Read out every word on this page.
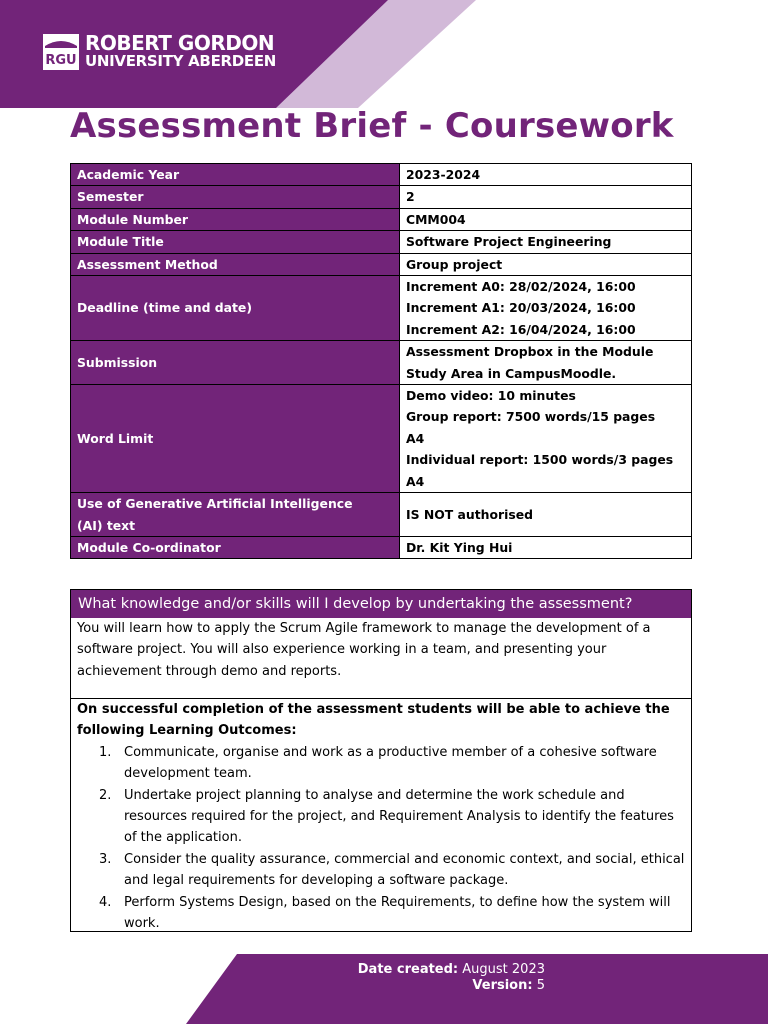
RGU
ROBERT GORDON
UNIVERSITY ABERDEEN
Assessment Brief - Coursework
Academic Year	2023-2024

Semester	2

Module Number	CMM004

Module Title	Software Project Engineering

Assessment Method	Group project

Deadline (time and date)	Increment A0: 28/02/2024, 16:00
Increment A1: 20/03/2024, 16:00
Increment A2: 16/04/2024, 16:00

Submission	Assessment Dropbox in the Module
Study Area in CampusMoodle.

Word Limit	Demo video: 10 minutes
Group report: 7500 words/15 pages
A4
Individual report: 1500 words/3 pages
A4

Use of Generative Artificial Intelligence
(AI) text	IS NOT authorised

Module Co-ordinator	Dr. Kit Ying Hui
What knowledge and/or skills will I develop by undertaking the assessment?
You will learn how to apply the Scrum Agile framework to manage the development of a
software project. You will also experience working in a team, and presenting your
achievement through demo and reports.
On successful completion of the assessment students will be able to achieve the
following Learning Outcomes:
1. Communicate, organise and work as a productive member of a cohesive software
development team.
2. Undertake project planning to analyse and determine the work schedule and
resources required for the project, and Requirement Analysis to identify the features
of the application.
3. Consider the quality assurance, commercial and economic context, and social, ethical
and legal requirements for developing a software package.
4. Perform Systems Design, based on the Requirements, to define how the system will
work.
Date created: August 2023
Version: 5
